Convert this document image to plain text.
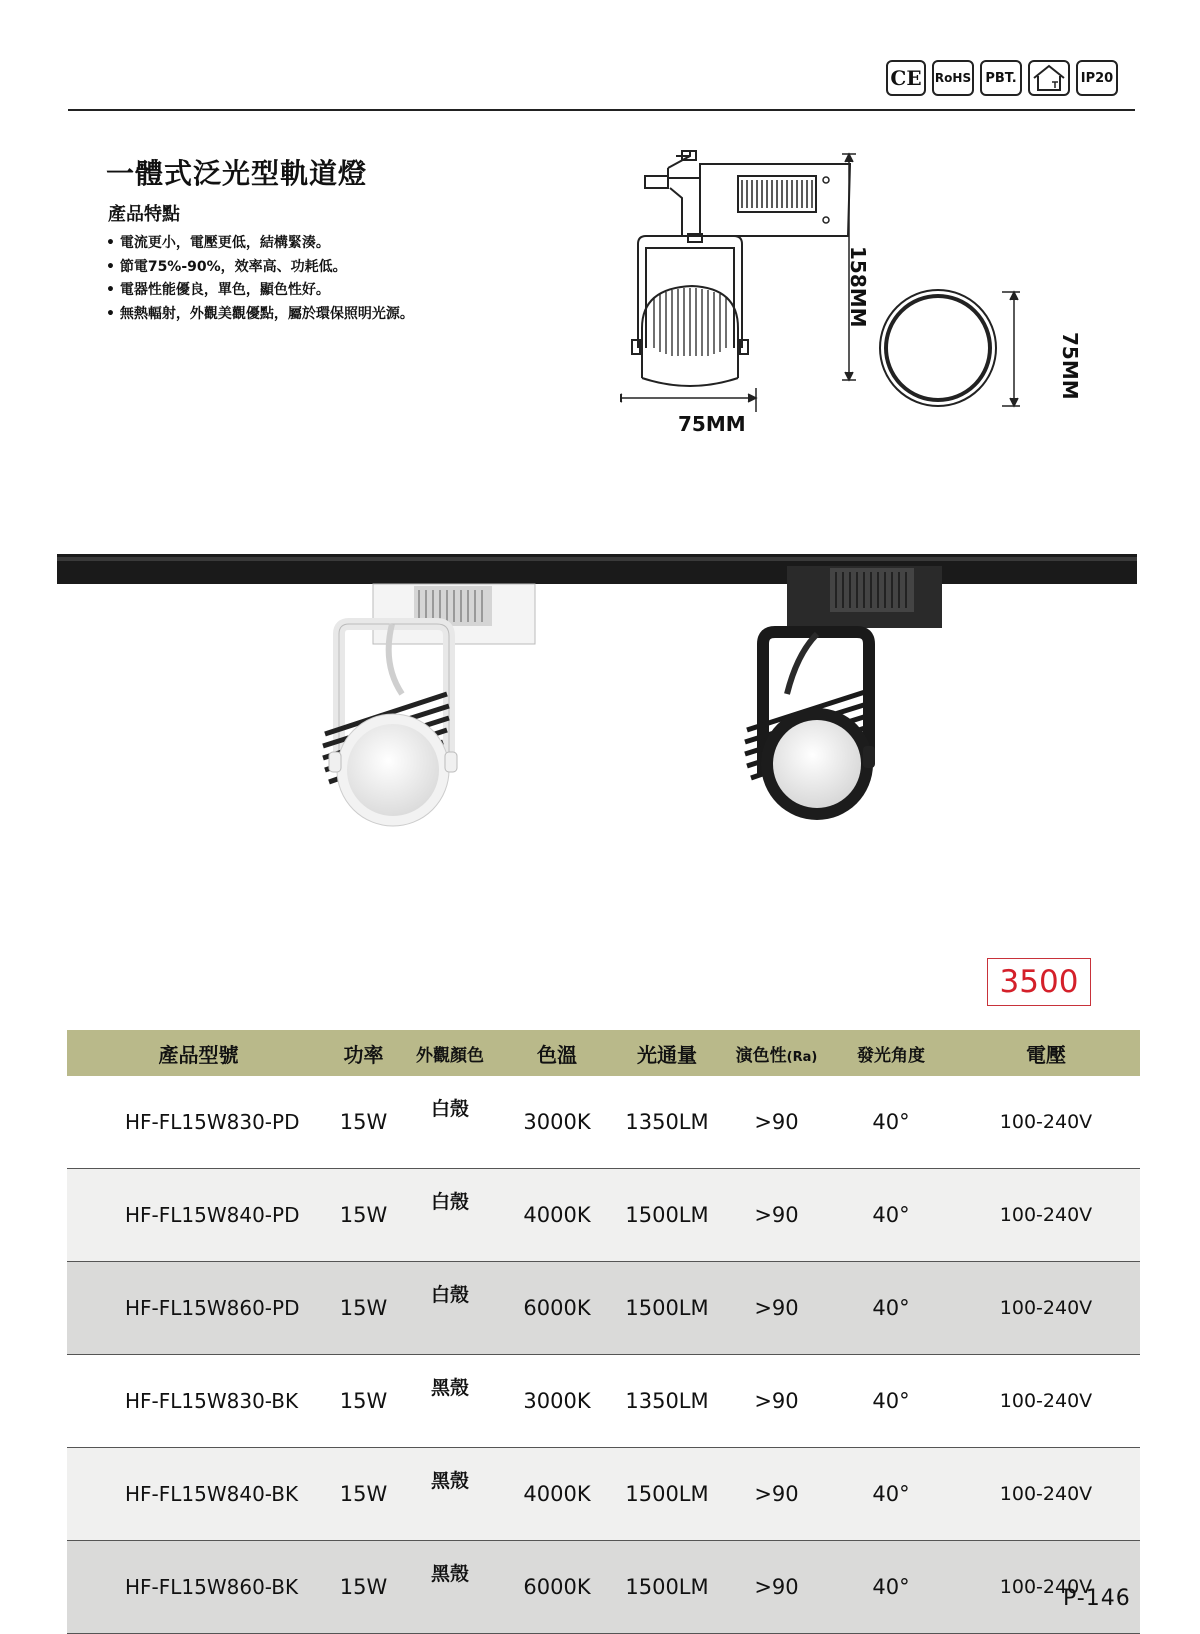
CE	RoHS	PBT.	IP20
一體式泛光型軌道燈
產品特點
• 電流更小，電壓更低，結構緊湊。
• 節電75%-90%，效率高、功耗低。
• 電器性能優良，單色，顯色性好。
• 無熱輻射，外觀美觀優點，屬於環保照明光源。	158MM
75MM
75MM
3500
產品型號	功率	外觀顏色	色溫	光通量	演色性(Ra)	發光角度	電壓
HF-FL15W830-PD	15W	白殼	3000K	1350LM	>90	40°	100-240V
HF-FL15W840-PD	15W	白殼	4000K	1500LM	>90	40°	100-240V
HF-FL15W860-PD	15W	白殼	6000K	1500LM	>90	40°	100-240V
HF-FL15W830-BK	15W	黑殼	3000K	1350LM	>90	40°	100-240V
HF-FL15W840-BK	15W	黑殼	4000K	1500LM	>90	40°	100-240V
HF-FL15W860-BK	15W	黑殼	6000K	1500LM	>90	40°	100-240V
P-146
